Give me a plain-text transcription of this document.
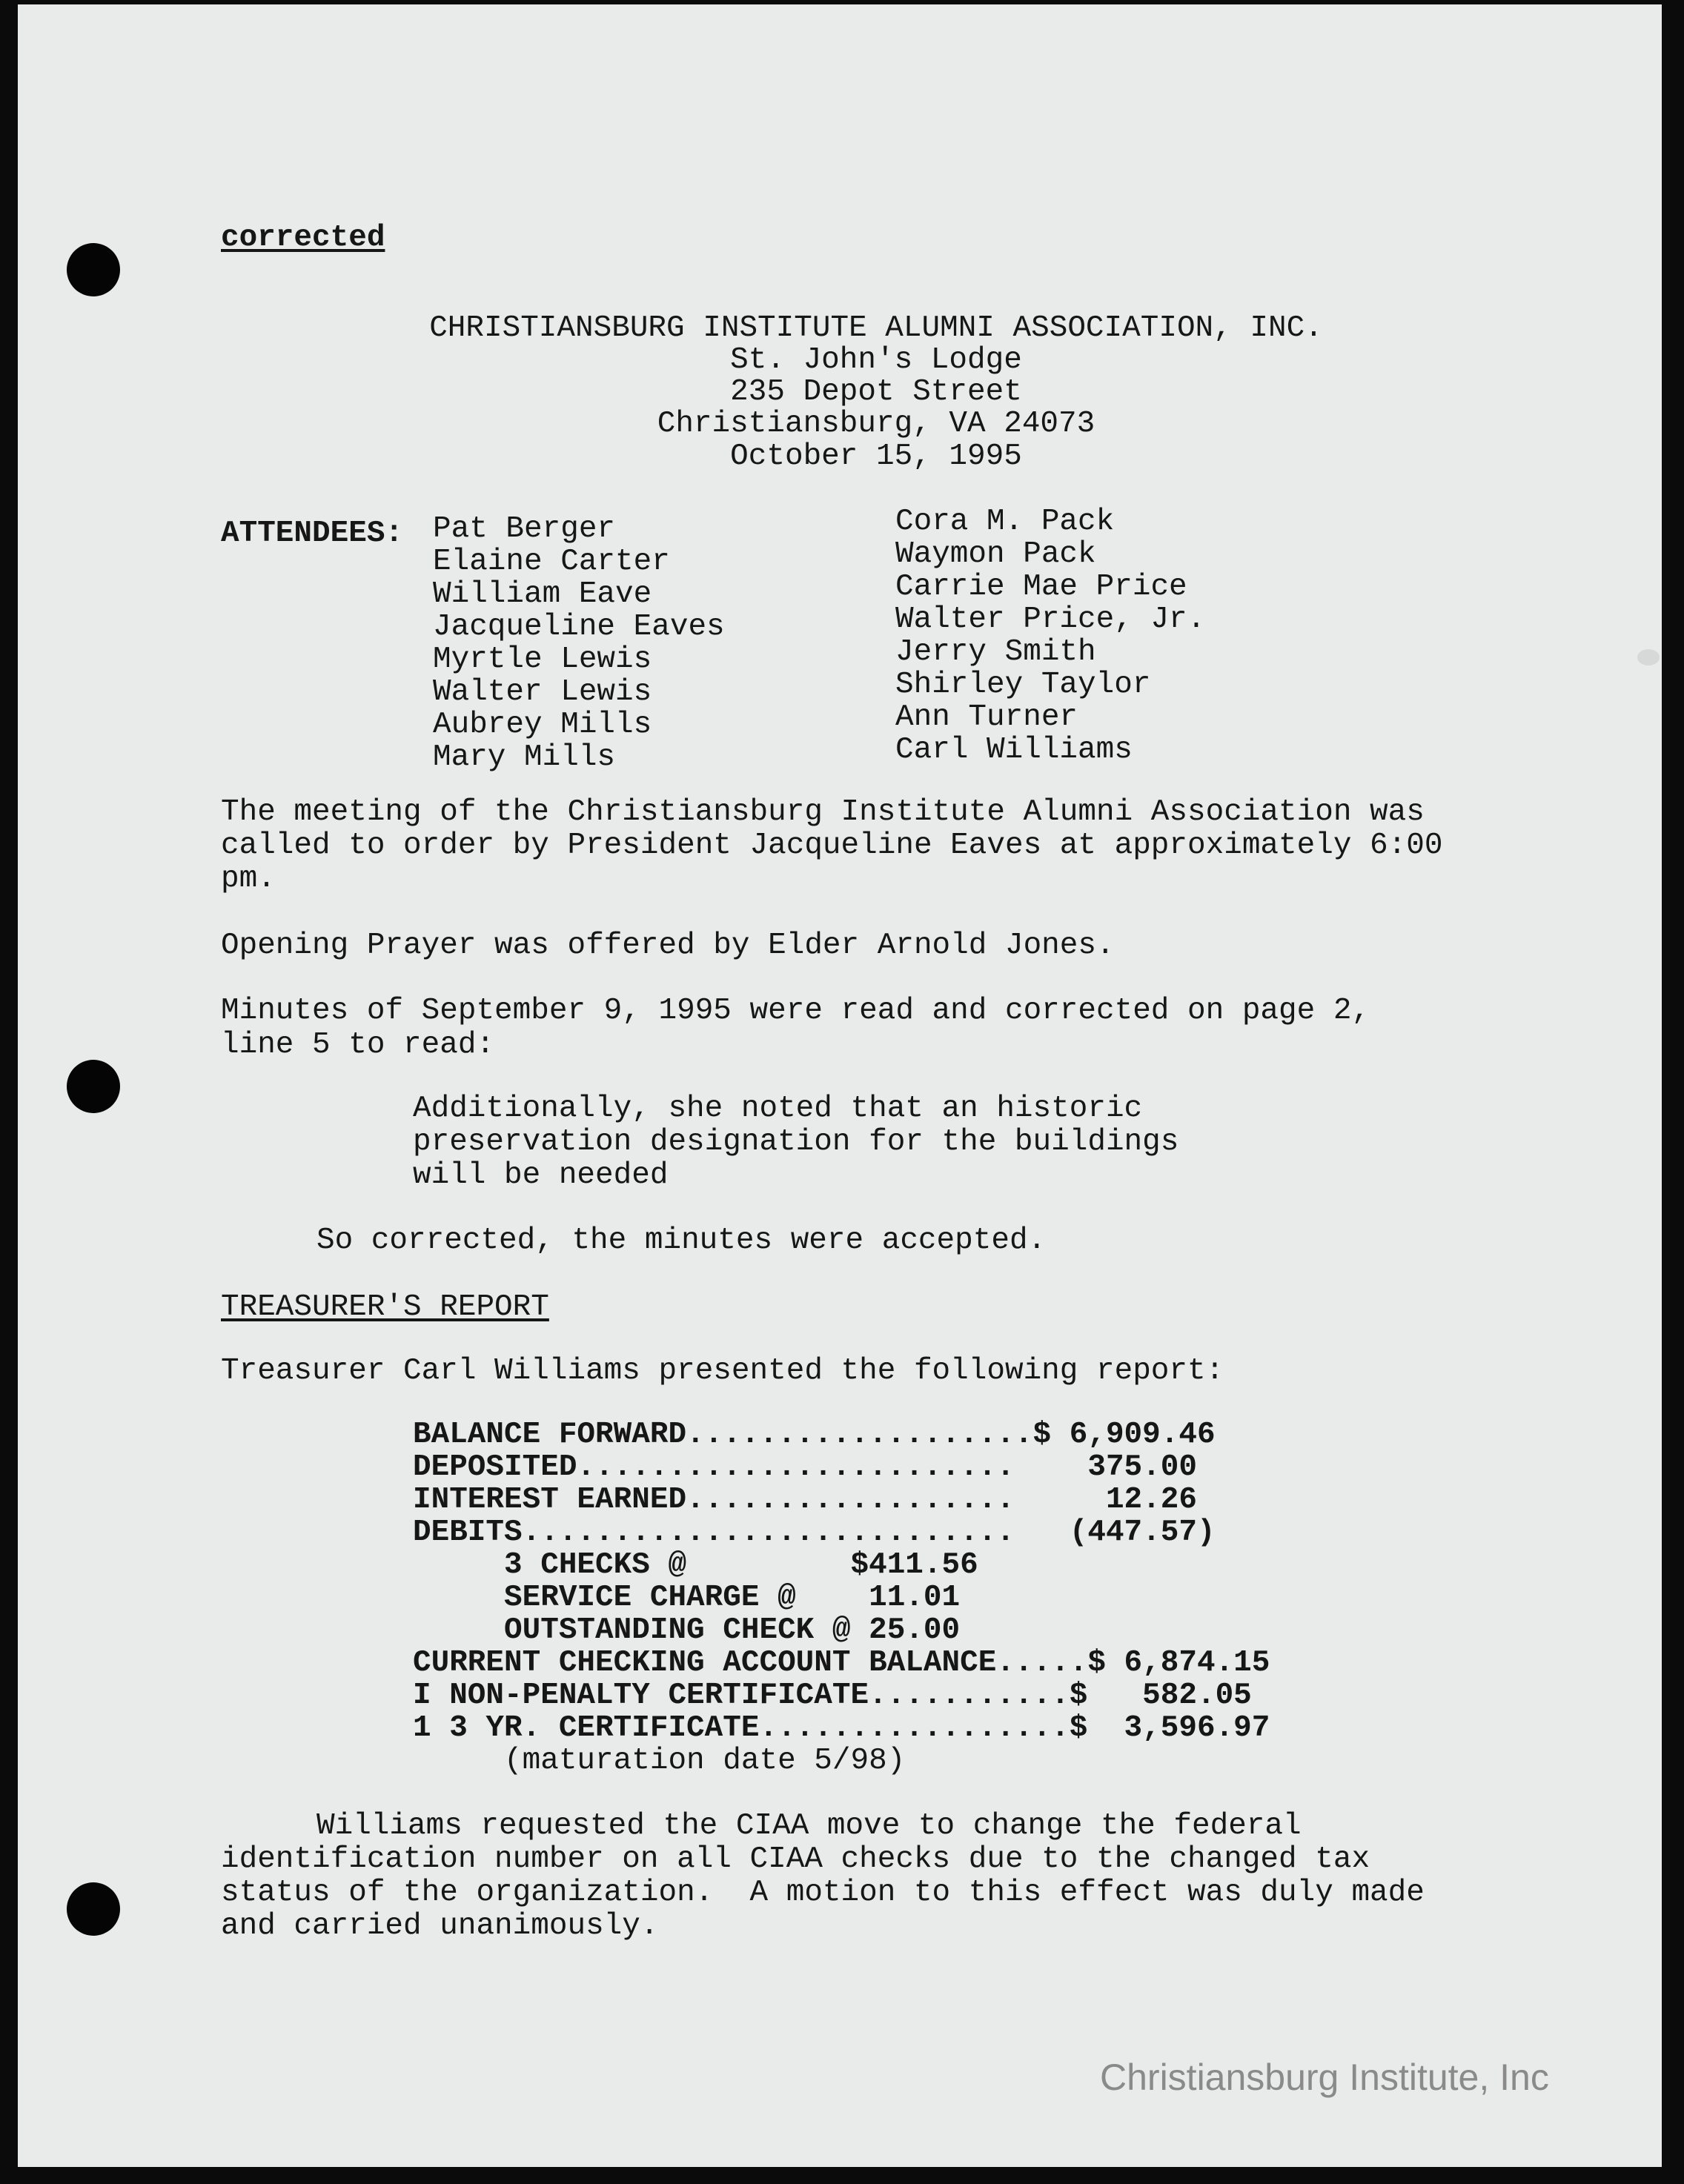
corrected
CHRISTIANSBURG INSTITUTE ALUMNI ASSOCIATION, INC.
St. John's Lodge
235 Depot Street
Christiansburg, VA 24073
October 15, 1995
ATTENDEES: Pat Berger
Elaine Carter
William Eave
Jacqueline Eaves
Myrtle Lewis
Walter Lewis
Aubrey Mills
Mary Mills
Cora M. Pack
Waymon Pack
Carrie Mae Price
Walter Price, Jr.
Jerry Smith
Shirley Taylor
Ann Turner
Carl Williams
The meeting of the Christiansburg Institute Alumni Association was
called to order by President Jacqueline Eaves at approximately 6:00
pm.
Opening Prayer was offered by Elder Arnold Jones.
Minutes of September 9, 1995 were read and corrected on page 2,
line 5 to read:
Additionally, she noted that an historic
preservation designation for the buildings
will be needed
So corrected, the minutes were accepted.
TREASURER'S REPORT
Treasurer Carl Williams presented the following report:
BALANCE FORWARD...................$ 6,909.46
DEPOSITED........................    375.00
INTEREST EARNED..................     12.26
DEBITS...........................   (447.57)
3 CHECKS @         $411.56
SERVICE CHARGE @    11.01
OUTSTANDING CHECK @ 25.00
CURRENT CHECKING ACCOUNT BALANCE.....$ 6,874.15
I NON-PENALTY CERTIFICATE...........$   582.05
1 3 YR. CERTIFICATE.................$  3,596.97
(maturation date 5/98)
Williams requested the CIAA move to change the federal
identification number on all CIAA checks due to the changed tax
status of the organization.  A motion to this effect was duly made
and carried unanimously.
Christiansburg Institute, Inc
